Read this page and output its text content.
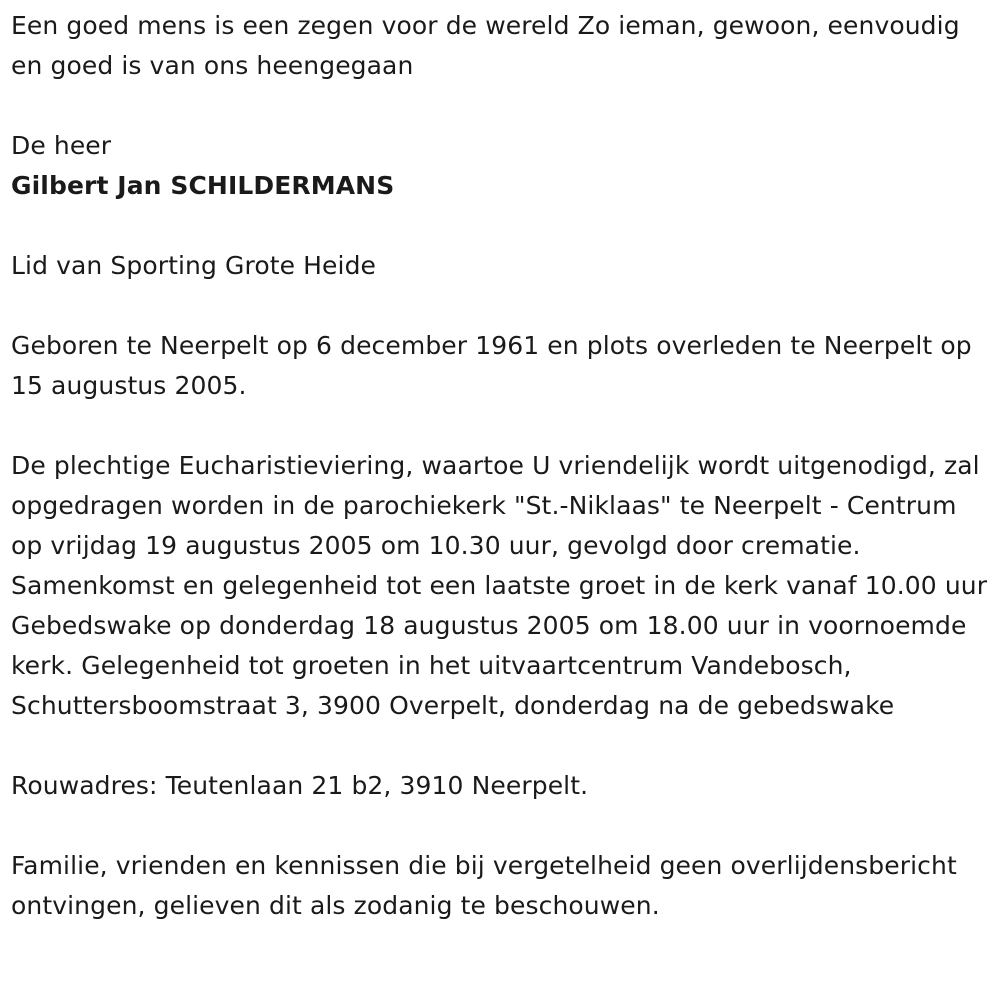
Een goed mens is een zegen voor de wereld Zo ieman, gewoon, eenvoudig en goed is van ons heengegaan

De heer

Gilbert Jan SCHILDERMANS

Lid van Sporting Grote Heide

Geboren te Neerpelt op 6 december 1961 en plots overleden te Neerpelt op 15 augustus 2005.

De plechtige Eucharistieviering, waartoe U vriendelijk wordt uitgenodigd, zal opgedragen worden in de parochiekerk "St.-Niklaas" te Neerpelt - Centrum op vrijdag 19 augustus 2005 om 10.30 uur, gevolgd door crematie. Samenkomst en gelegenheid tot een laatste groet in de kerk vanaf 10.00 uur Gebedswake op donderdag 18 augustus 2005 om 18.00 uur in voornoemde kerk. Gelegenheid tot groeten in het uitvaartcentrum Vandebosch, Schuttersboomstraat 3, 3900 Overpelt, donderdag na de gebedswake

Rouwadres: Teutenlaan 21 b2, 3910 Neerpelt.

Familie, vrienden en kennissen die bij vergetelheid geen overlijdensbericht ontvingen, gelieven dit als zodanig te beschouwen.
